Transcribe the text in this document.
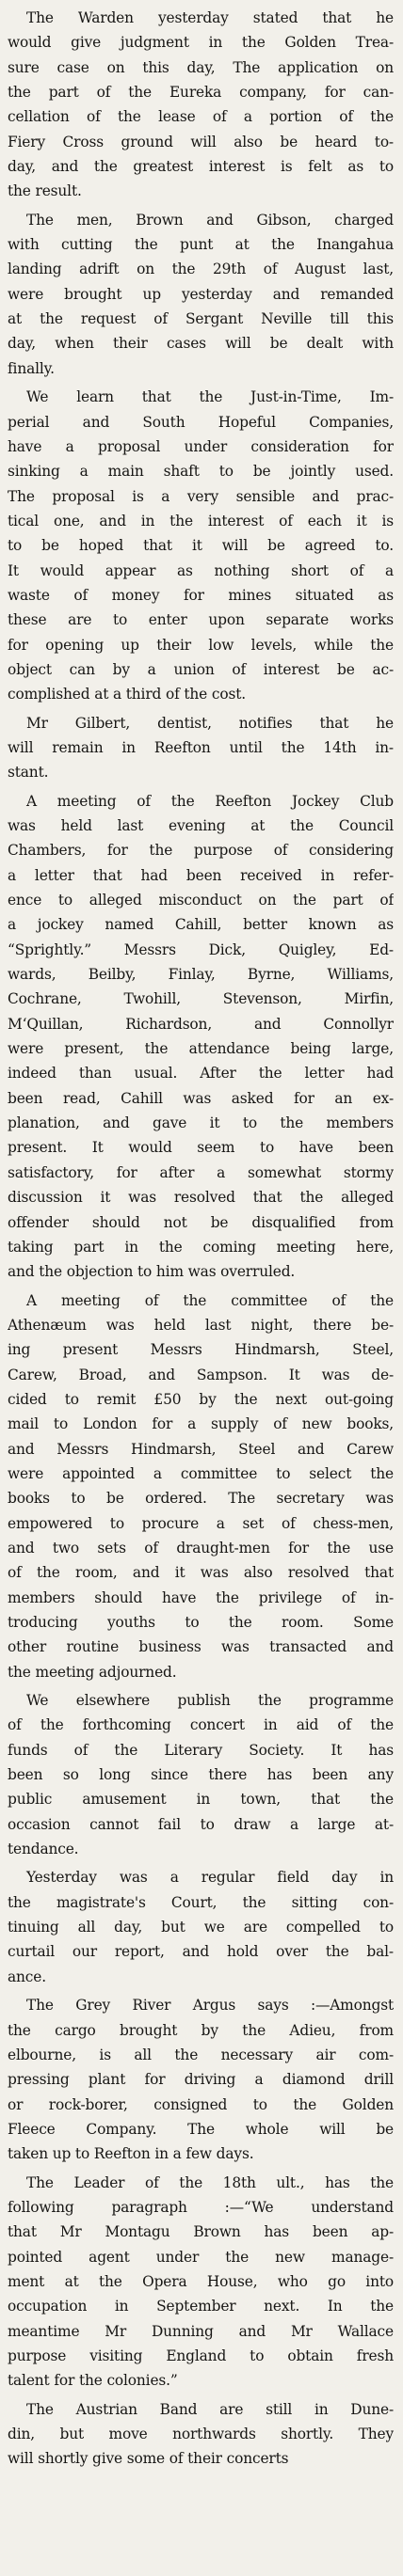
The Warden yesterday stated that he
would give judgment in the Golden Trea-
sure case on this day, The application on
the part of the Eureka company, for can-
cellation of the lease of a portion of the
Fiery Cross ground will also be heard to-
day, and the greatest interest is felt as to
the result.
The men, Brown and Gibson, charged
with cutting the punt at the Inangahua
landing adrift on the 29th of August last,
were brought up yesterday and remanded
at the request of Sergant Neville till this
day, when their cases will be dealt with
finally.
We learn that the Just-in-Time, Im-
perial and South Hopeful Companies,
have a proposal under consideration for
sinking a main shaft to be jointly used.
The proposal is a very sensible and prac-
tical one, and in the interest of each it is
to be hoped that it will be agreed to.
It would appear as nothing short of a
waste of money for mines situated as
these are to enter upon separate works
for opening up their low levels, while the
object can by a union of interest be ac-
complished at a third of the cost.
Mr Gilbert, dentist, notifies that he
will remain in Reefton until the 14th in-
stant.
A meeting of the Reefton Jockey Club
was held last evening at the Council
Chambers, for the purpose of considering
a letter that had been received in refer-
ence to alleged misconduct on the part of
a jockey named Cahill, better known as
“Sprightly.” Messrs Dick, Quigley, Ed-
wards, Beilby, Finlay, Byrne, Williams,
Cochrane, Twohill, Stevenson, Mirfin,
M‘Quillan, Richardson, and Connollyr
were present, the attendance being large,
indeed than usual. After the letter had
been read, Cahill was asked for an ex-
planation, and gave it to the members
present. It would seem to have been
satisfactory, for after a somewhat stormy
discussion it was resolved that the alleged
offender should not be disqualified from
taking part in the coming meeting here,
and the objection to him was overruled.
A meeting of the committee of the
Athenæum was held last night, there be-
ing present Messrs Hindmarsh, Steel,
Carew, Broad, and Sampson. It was de-
cided to remit £50 by the next out-going
mail to London for a supply of new books,
and Messrs Hindmarsh, Steel and Carew
were appointed a committee to select the
books to be ordered. The secretary was
empowered to procure a set of chess-men,
and two sets of draught-men for the use
of the room, and it was also resolved that
members should have the privilege of in-
troducing youths to the room. Some
other routine business was transacted and
the meeting adjourned.
We elsewhere publish the programme
of the forthcoming concert in aid of the
funds of the Literary Society. It has
been so long since there has been any
public amusement in town, that the
occasion cannot fail to draw a large at-
tendance.
Yesterday was a regular field day in
the magistrate's Court, the sitting con-
tinuing all day, but we are compelled to
curtail our report, and hold over the bal-
ance.
The Grey River Argus says :—Amongst
the cargo brought by the Adieu, from
elbourne, is all the necessary air com-
pressing plant for driving a diamond drill
or rock-borer, consigned to the Golden
Fleece Company. The whole will be
taken up to Reefton in a few days.
The Leader of the 18th ult., has the
following paragraph :—“We understand
that Mr Montagu Brown has been ap-
pointed agent under the new manage-
ment at the Opera House, who go into
occupation in September next. In the
meantime Mr Dunning and Mr Wallace
purpose visiting England to obtain fresh
talent for the colonies.”
The Austrian Band are still in Dune-
din, but move northwards shortly. They
will shortly give some of their concerts
